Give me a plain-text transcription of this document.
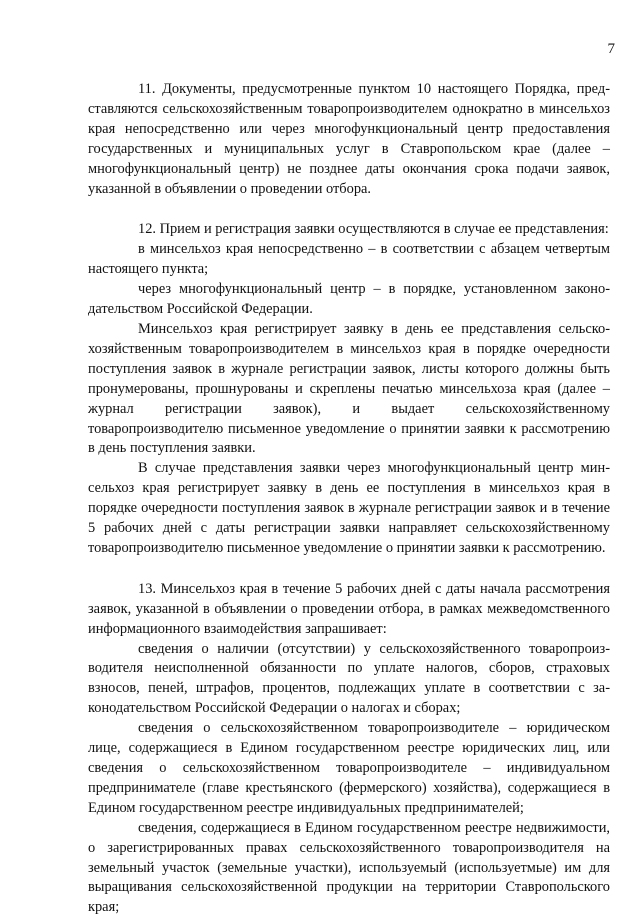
7

11. Документы, предусмотренные пунктом 10 настоящего Порядка, представляются сельскохозяйственным товаропроизводителем однократно в минсельхоз края непосредственно или через многофункциональный центр предоставления государственных и муниципальных услуг в Ставропольском крае (далее – многофункциональный центр) не позднее даты окончания срока подачи заявок, указанной в объявлении о проведении отбора.

12. Прием и регистрация заявки осуществляются в случае ее представления:

в минсельхоз края непосредственно – в соответствии с абзацем четвертым настоящего пункта;

через многофункциональный центр – в порядке, установленном законодательством Российской Федерации.

Минсельхоз края регистрирует заявку в день ее представления сельскохозяйственным товаропроизводителем в минсельхоз края в порядке очередности поступления заявок в журнале регистрации заявок, листы которого должны быть пронумерованы, прошнурованы и скреплены печатью минсельхоза края (далее – журнал регистрации заявок), и выдает сельскохозяйственному товаропроизводителю письменное уведомление о принятии заявки к рассмотрению в день поступления заявки.

В случае представления заявки через многофункциональный центр минсельхоз края регистрирует заявку в день ее поступления в минсельхоз края в порядке очередности поступления заявок в журнале регистрации заявок и в течение 5 рабочих дней с даты регистрации заявки направляет сельскохозяйственному товаропроизводителю письменное уведомление о принятии заявки к рассмотрению.

13. Минсельхоз края в течение 5 рабочих дней с даты начала рассмотрения заявок, указанной в объявлении о проведении отбора, в рамках межведомственного информационного взаимодействия запрашивает:

сведения о наличии (отсутствии) у сельскохозяйственного товаропроизводителя неисполненной обязанности по уплате налогов, сборов, страховых взносов, пеней, штрафов, процентов, подлежащих уплате в соответствии с законодательством Российской Федерации о налогах и сборах;

сведения о сельскохозяйственном товаропроизводителе – юридическом лице, содержащиеся в Едином государственном реестре юридических лиц, или сведения о сельскохозяйственном товаропроизводителе – индивидуальном предпринимателе (главе крестьянского (фермерского) хозяйства), содержащиеся в Едином государственном реестре индивидуальных предпринимателей;

сведения, содержащиеся в Едином государственном реестре недвижимости, о зарегистрированных правах сельскохозяйственного товаропроизводителя на земельный участок (земельные участки), используемый (используетмые) им для выращивания сельскохозяйственной продукции на территории Ставропольского края;
